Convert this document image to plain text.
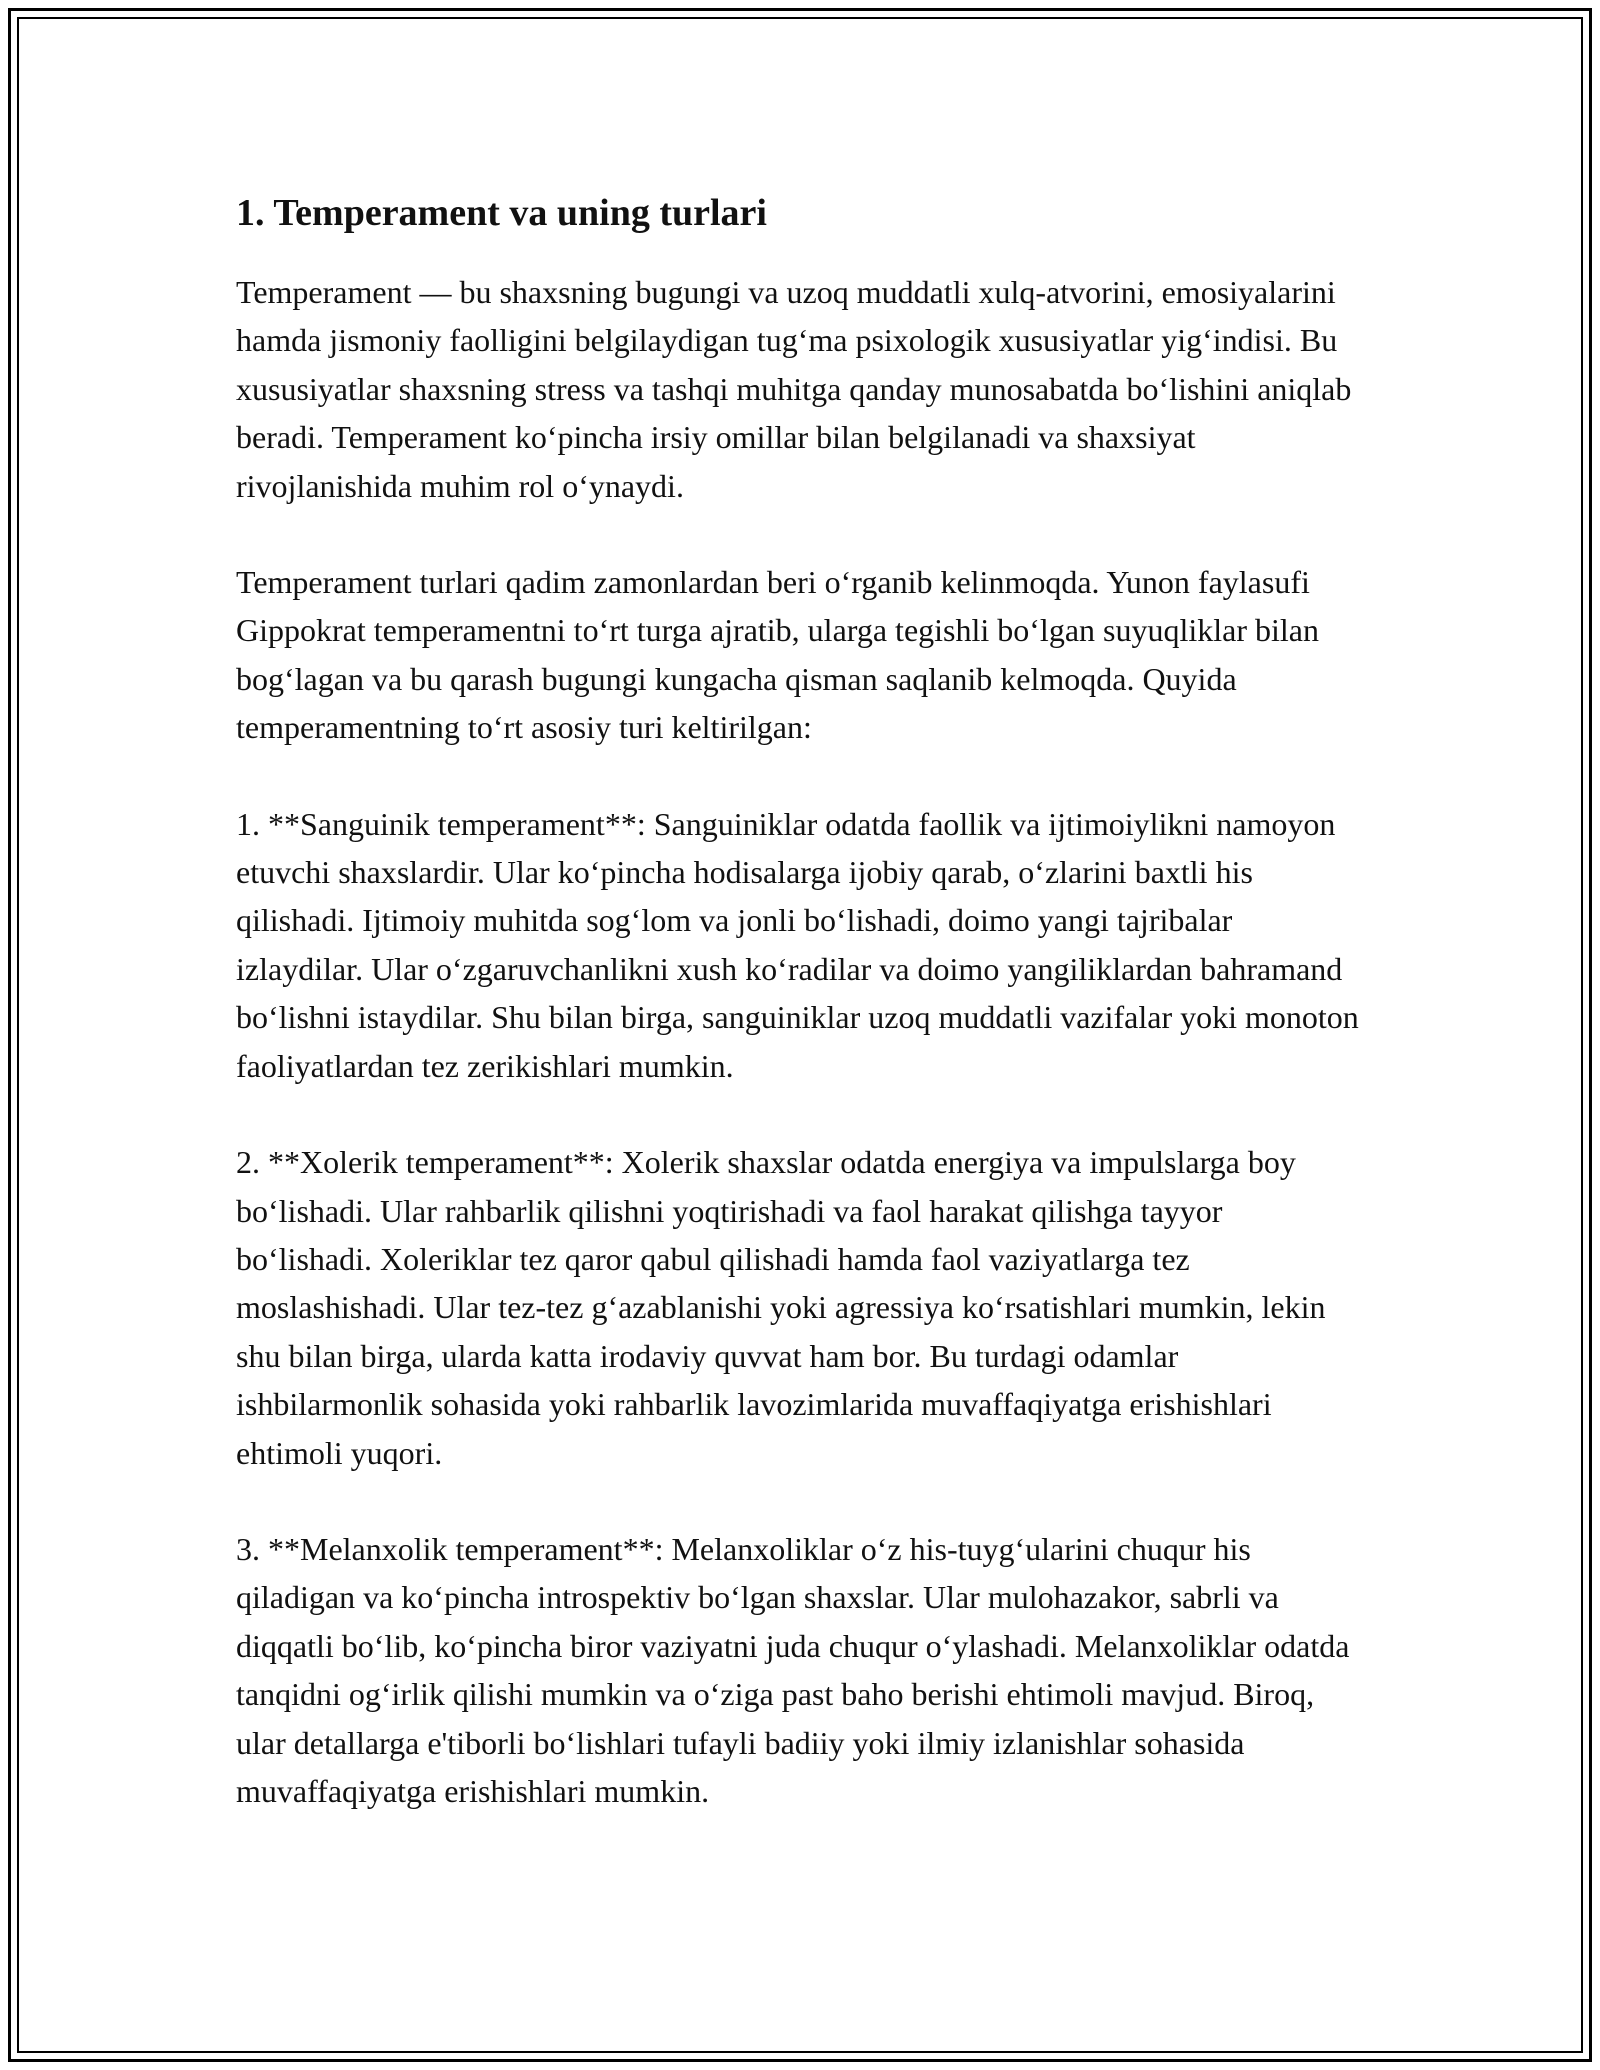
1. Temperament va uning turlari

Temperament — bu shaxsning bugungi va uzoq muddatli xulq-atvorini, emosiyalarini hamda jismoniy faolligini belgilaydigan tug‘ma psixologik xususiyatlar yig‘indisi. Bu xususiyatlar shaxsning stress va tashqi muhitga qanday munosabatda bo‘lishini aniqlab beradi. Temperament ko‘pincha irsiy omillar bilan belgilanadi va shaxsiyat rivojlanishida muhim rol o‘ynaydi.

Temperament turlari qadim zamonlardan beri o‘rganib kelinmoqda. Yunon faylasufi Gippokrat temperamentni to‘rt turga ajratib, ularga tegishli bo‘lgan suyuqliklar bilan bog‘lagan va bu qarash bugungi kungacha qisman saqlanib kelmoqda. Quyida temperamentning to‘rt asosiy turi keltirilgan:

1. **Sanguinik temperament**: Sanguiniklar odatda faollik va ijtimoiylikni namoyon etuvchi shaxslardir. Ular ko‘pincha hodisalarga ijobiy qarab, o‘zlarini baxtli his qilishadi. Ijtimoiy muhitda sog‘lom va jonli bo‘lishadi, doimo yangi tajribalar izlaydilar. Ular o‘zgaruvchanlikni xush ko‘radilar va doimo yangiliklardan bahramand bo‘lishni istaydilar. Shu bilan birga, sanguiniklar uzoq muddatli vazifalar yoki monoton faoliyatlardan tez zerikishlari mumkin.

2. **Xolerik temperament**: Xolerik shaxslar odatda energiya va impulslarga boy bo‘lishadi. Ular rahbarlik qilishni yoqtirishadi va faol harakat qilishga tayyor bo‘lishadi. Xoleriklar tez qaror qabul qilishadi hamda faol vaziyatlarga tez moslashishadi. Ular tez-tez g‘azablanishi yoki agressiya ko‘rsatishlari mumkin, lekin shu bilan birga, ularda katta irodaviy quvvat ham bor. Bu turdagi odamlar ishbilarmonlik sohasida yoki rahbarlik lavozimlarida muvaffaqiyatga erishishlari ehtimoli yuqori.

3. **Melanxolik temperament**: Melanxoliklar o‘z his-tuyg‘ularini chuqur his qiladigan va ko‘pincha introspektiv bo‘lgan shaxslar. Ular mulohazakor, sabrli va diqqatli bo‘lib, ko‘pincha biror vaziyatni juda chuqur o‘ylashadi. Melanxoliklar odatda tanqidni og‘irlik qilishi mumkin va o‘ziga past baho berishi ehtimoli mavjud. Biroq, ular detallarga e'tiborli bo‘lishlari tufayli badiiy yoki ilmiy izlanishlar sohasida muvaffaqiyatga erishishlari mumkin.
